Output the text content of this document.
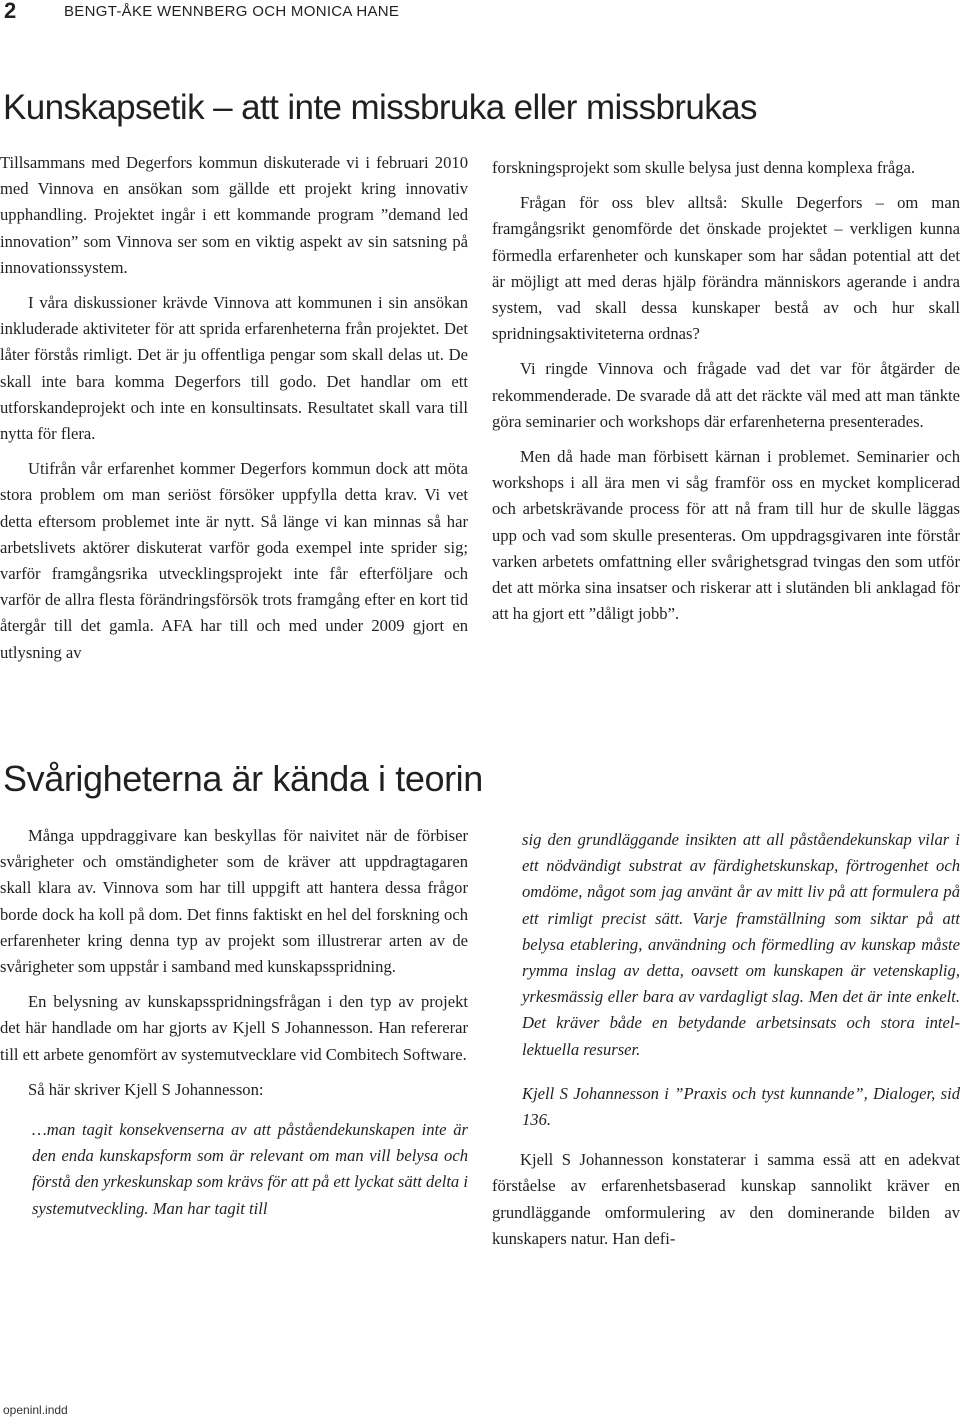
2	BENGT-ÅKE WENNBERG OCH MONICA HANE
Kunskapsetik – att inte missbruka eller missbrukas

Tillsammans med Degerfors kommun diskuterade vi i februari 2010 med Vinnova en ansökan som gällde ett projekt kring innovativ upphandling. Projektet ingår i ett kommande program ”demand led innovation” som Vinnova ser som en viktig aspekt av sin satsning på innovationssystem.

I våra diskussioner krävde Vinnova att kommunen i sin ansökan inkluderade aktiviteter för att sprida erfarenheterna från projektet. Det låter förstås rimligt. Det är ju offentliga pengar som skall delas ut. De skall inte bara komma Degerfors till godo. Det handlar om ett utforskandeprojekt och inte en konsultinsats. Resultatet skall vara till nytta för flera.

Utifrån vår erfarenhet kommer Degerfors kommun dock att möta stora problem om man seriöst försöker uppfylla detta krav. Vi vet detta eftersom problemet inte är nytt. Så länge vi kan minnas så har arbetslivets aktörer diskuterat varför goda exempel inte sprider sig; varför framgångsrika utvecklingsprojekt inte får efterföljare och varför de allra flesta förändringsförsök trots framgång efter en kort tid återgår till det gamla. AFA har till och med under 2009 gjort en utlysning av

forskningsprojekt som skulle belysa just denna komplexa fråga.

Frågan för oss blev alltså: Skulle Degerfors – om man framgångsrikt genomförde det önskade projektet – verkligen kunna förmedla erfarenheter och kunskaper som har sådan potential att det är möjligt att med deras hjälp förändra människors agerande i andra system, vad skall dessa kunskaper bestå av och hur skall spridningsaktiviteterna ordnas?

Vi ringde Vinnova och frågade vad det var för åtgärder de rekommenderade. De svarade då att det räckte väl med att man tänkte göra seminarier och workshops där erfarenheterna presenterades.

Men då hade man förbisett kärnan i problemet. Seminarier och workshops i all ära men vi såg framför oss en mycket komplicerad och arbetskrävande process för att nå fram till hur de skulle läggas upp och vad som skulle presenteras. Om uppdragsgivaren inte förstår varken arbetets omfattning eller svårighetsgrad tvingas den som utför det att mörka sina insatser och riskerar att i slutänden bli anklagad för att ha gjort ett ”dåligt jobb”.

Svårigheterna är kända i teorin

Många uppdraggivare kan beskyllas för naivitet när de förbiser svårigheter och omständigheter som de kräver att uppdragtagaren skall klara av. Vinnova som har till uppgift att hantera dessa frågor borde dock ha koll på dom. Det finns faktiskt en hel del forskning och erfarenheter kring denna typ av projekt som illustrerar arten av de svårigheter som uppstår i samband med kunskapsspridning.

En belysning av kunskapsspridningsfrågan i den typ av projekt det här handlade om har gjorts av Kjell S Johannesson. Han refererar till ett arbete genomfört av systemutvecklare vid Combitech Software.

Så här skriver Kjell S Johannesson:

…man tagit konsekvenserna av att påståendekunskapen inte är den enda kunskapsform som är relevant om man vill belysa och förstå den yrkeskunskap som krävs för att på ett lyckat sätt delta i systemutveckling. Man har tagit till

sig den grundläggande insikten att all påståendekunskap vilar i ett nödvändigt substrat av färdighetskunskap, förtrogenhet och omdöme, något som jag använt år av mitt liv på att formulera på ett rimligt precist sätt. Varje framställning som siktar på att belysa etablering, användning och förmedling av kunskap måste rymma inslag av detta, oavsett om kunskapen är vetenskaplig, yrkesmässig eller bara av vardagligt slag. Men det är inte enkelt. Det kräver både en betydande arbetsinsats och stora intellektuella resurser.

Kjell S Johannesson i ”Praxis och tyst kunnande”, Dialoger, sid 136.

Kjell S Johannesson konstaterar i samma essä att en adekvat förståelse av erfarenhetsbaserad kunskap sannolikt kräver en grundläggande omformulering av den dominerande bilden av kunskapers natur. Han defi-

openinl.indd
